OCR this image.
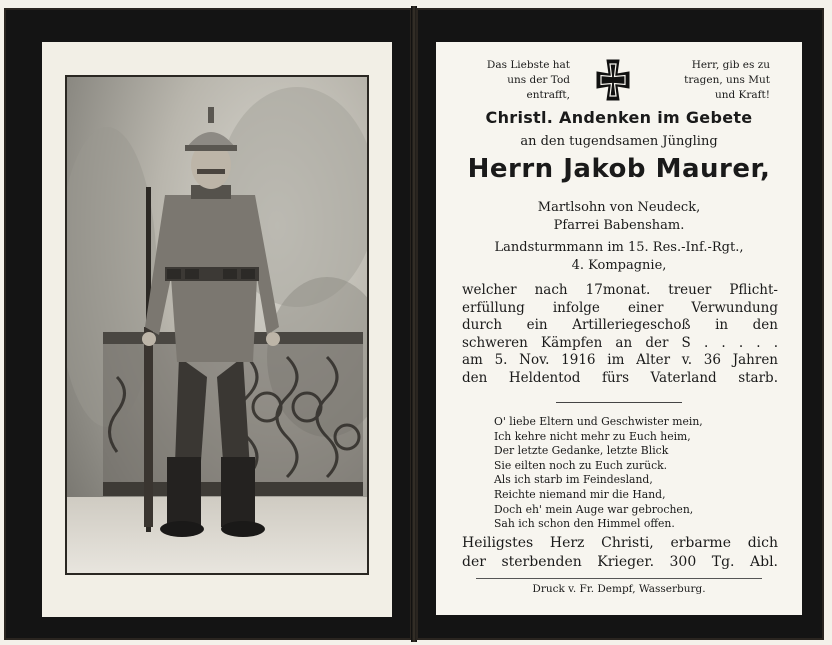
Das Liebste hat
uns der Tod
entrafft,
Herr, gib es zu
tragen, uns Mut
und Kraft!
Christl. Andenken im Gebete
an den tugendsamen Jüngling
Herrn Jakob Maurer,
Martlsohn von Neudeck,
Pfarrei Babensham.
Landsturmmann im 15. Res.-Inf.-Rgt.,
4. Kompagnie,
welcher nach 17monat. treuer Pflicht-
erfüllung infolge einer Verwundung
durch ein Artilleriegeschoß in den
schweren Kämpfen an der S . . . . .
am 5. Nov. 1916 im Alter v. 36 Jahren
den Heldentod fürs Vaterland starb.
O' liebe Eltern und Geschwister mein,
Ich kehre nicht mehr zu Euch heim,
Der letzte Gedanke, letzte Blick
Sie eilten noch zu Euch zurück.
Als ich starb im Feindesland,
Reichte niemand mir die Hand,
Doch eh' mein Auge war gebrochen,
Sah ich schon den Himmel offen.
Heiligstes Herz Christi, erbarme dich
der sterbenden Krieger. 300 Tg. Abl.
Druck v. Fr. Dempf, Wasserburg.
